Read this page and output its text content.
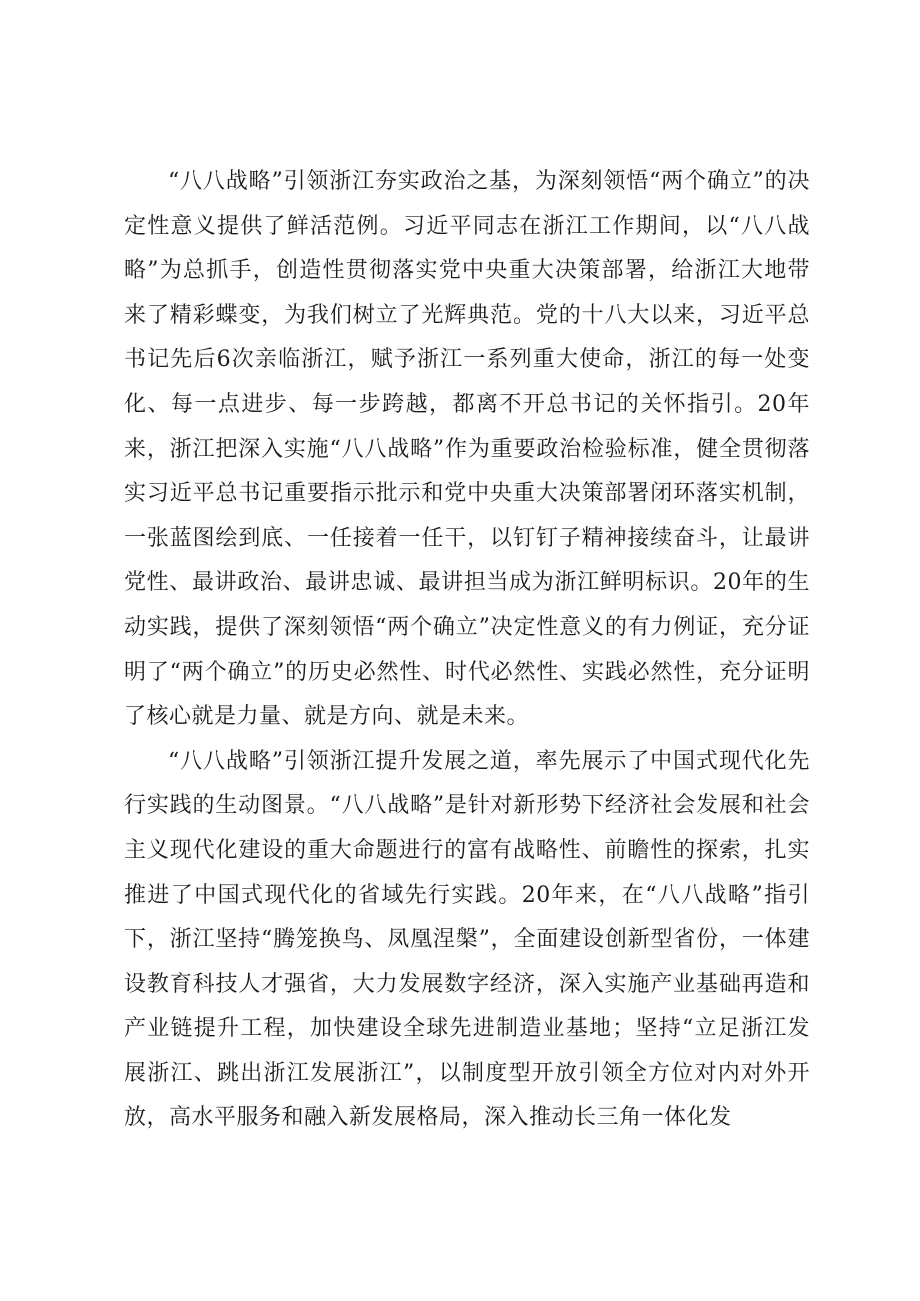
“八八战略”引领浙江夯实政治之基，为深刻领悟“两个确立”的决定性意义提供了鲜活范例。习近平同志在浙江工作期间，以“八八战略”为总抓手，创造性贯彻落实党中央重大决策部署，给浙江大地带来了精彩蝶变，为我们树立了光辉典范。党的十八大以来，习近平总书记先后6次亲临浙江，赋予浙江一系列重大使命，浙江的每一处变化、每一点进步、每一步跨越，都离不开总书记的关怀指引。20年来，浙江把深入实施“八八战略”作为重要政治检验标准，健全贯彻落实习近平总书记重要指示批示和党中央重大决策部署闭环落实机制，一张蓝图绘到底、一任接着一任干，以钉钉子精神接续奋斗，让最讲党性、最讲政治、最讲忠诚、最讲担当成为浙江鲜明标识。20年的生动实践，提供了深刻领悟“两个确立”决定性意义的有力例证，充分证明了“两个确立”的历史必然性、时代必然性、实践必然性，充分证明了核心就是力量、就是方向、就是未来。

“八八战略”引领浙江提升发展之道，率先展示了中国式现代化先行实践的生动图景。“八八战略”是针对新形势下经济社会发展和社会主义现代化建设的重大命题进行的富有战略性、前瞻性的探索，扎实推进了中国式现代化的省域先行实践。20年来，在“八八战略”指引下，浙江坚持“腾笼换鸟、凤凰涅槃”，全面建设创新型省份，一体建设教育科技人才强省，大力发展数字经济，深入实施产业基础再造和产业链提升工程，加快建设全球先进制造业基地；坚持“立足浙江发展浙江、跳出浙江发展浙江”，以制度型开放引领全方位对内对外开放，高水平服务和融入新发展格局，深入推动长三角一体化发
